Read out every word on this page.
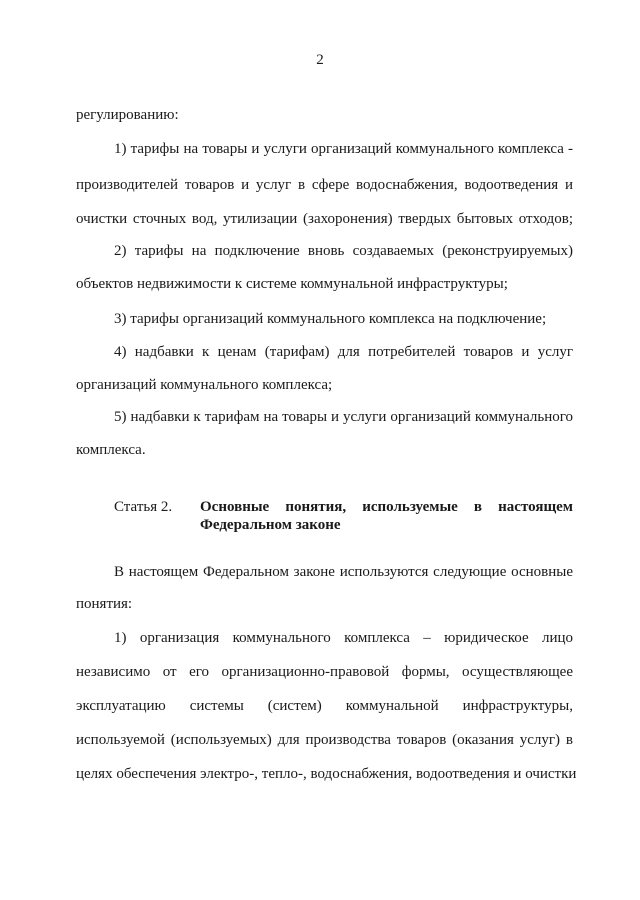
2
регулированию:
1) тарифы на товары и услуги организаций коммунального комплекса -
производителей товаров и услуг в сфере водоснабжения, водоотведения и
очистки сточных вод, утилизации (захоронения) твердых бытовых отходов;
2) тарифы на подключение вновь создаваемых (реконструируемых)
объектов недвижимости к системе коммунальной инфраструктуры;
3) тарифы организаций коммунального комплекса на подключение;
4) надбавки к ценам (тарифам) для потребителей товаров и услуг
организаций коммунального комплекса;
5) надбавки к тарифам на товары и услуги организаций коммунального
комплекса.
Статья 2.	Основные понятия, используемые в настоящем
Федеральном законе
В настоящем Федеральном законе используются следующие основные
понятия:
1) организация коммунального комплекса – юридическое лицо
независимо от его организационно-правовой формы, осуществляющее
эксплуатацию системы (систем) коммунальной инфраструктуры,
используемой (используемых) для производства товаров (оказания услуг) в
целях обеспечения электро-, тепло-, водоснабжения, водоотведения и очистки
